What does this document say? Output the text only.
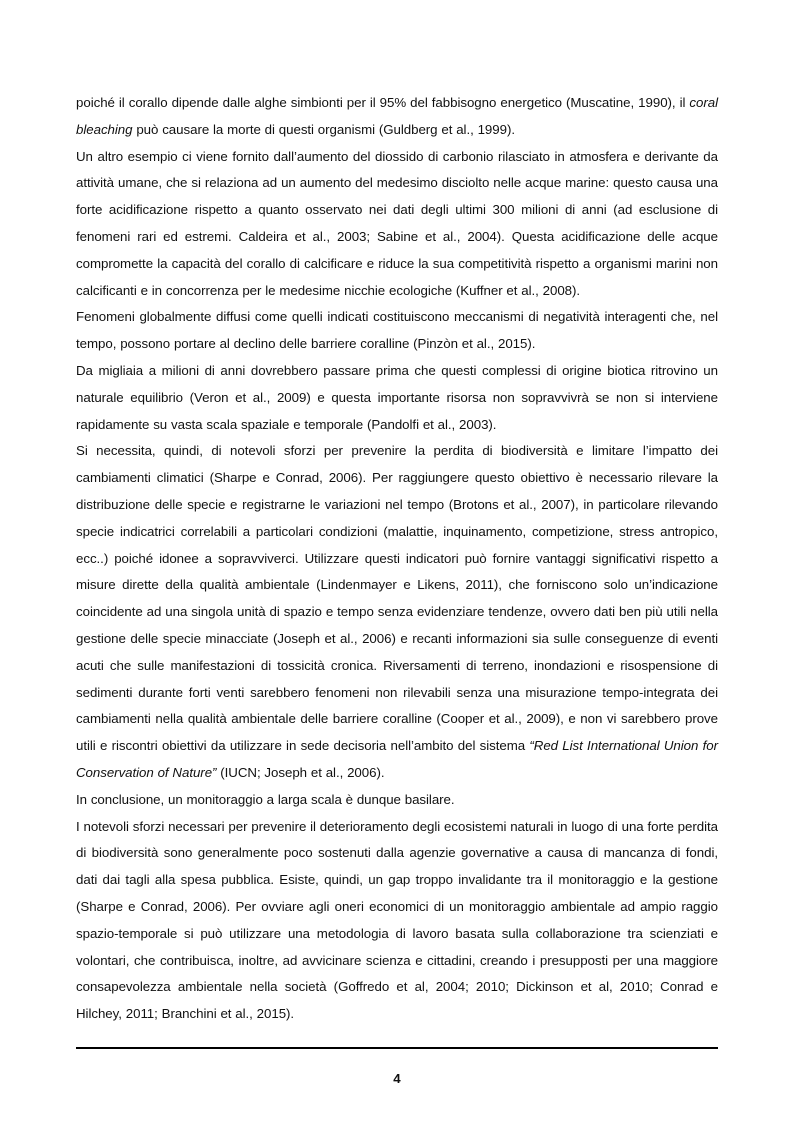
poiché il corallo dipende dalle alghe simbionti per il 95% del fabbisogno energetico (Muscatine, 1990), il coral bleaching può causare la morte di questi organismi (Guldberg et al., 1999).

Un altro esempio ci viene fornito dall’aumento del diossido di carbonio rilasciato in atmosfera e derivante da attività umane, che si relaziona ad un aumento del medesimo disciolto nelle acque marine: questo causa una forte acidificazione rispetto a quanto osservato nei dati degli ultimi 300 milioni di anni (ad esclusione di fenomeni rari ed estremi. Caldeira et al., 2003; Sabine et al., 2004). Questa acidificazione delle acque compromette la capacità del corallo di calcificare e riduce la sua competitività rispetto a organismi marini non calcificanti e in concorrenza per le medesime nicchie ecologiche (Kuffner et al., 2008).

Fenomeni globalmente diffusi come quelli indicati costituiscono meccanismi di negatività interagenti che, nel tempo, possono portare al declino delle barriere coralline (Pinzòn et al., 2015).

Da migliaia a milioni di anni dovrebbero passare prima che questi complessi di origine biotica ritrovino un naturale equilibrio (Veron et al., 2009) e questa importante risorsa non sopravvivrà se non si interviene rapidamente su vasta scala spaziale e temporale (Pandolfi et al., 2003).

Si necessita, quindi, di notevoli sforzi per prevenire la perdita di biodiversità e limitare l’impatto dei cambiamenti climatici (Sharpe e Conrad, 2006). Per raggiungere questo obiettivo è necessario rilevare la distribuzione delle specie e registrarne le variazioni nel tempo (Brotons et al., 2007), in particolare rilevando specie indicatrici correlabili a particolari condizioni (malattie, inquinamento, competizione, stress antropico, ecc..) poiché idonee a sopravviverci. Utilizzare questi indicatori può fornire vantaggi significativi rispetto a misure dirette della qualità ambientale (Lindenmayer e Likens, 2011), che forniscono solo un’indicazione coincidente ad una singola unità di spazio e tempo senza evidenziare tendenze, ovvero dati ben più utili nella gestione delle specie minacciate (Joseph et al., 2006) e recanti informazioni sia sulle conseguenze di eventi acuti che sulle manifestazioni di tossicità cronica. Riversamenti di terreno, inondazioni e risospensione di sedimenti durante forti venti sarebbero fenomeni non rilevabili senza una misurazione tempo-integrata dei cambiamenti nella qualità ambientale delle barriere coralline (Cooper et al., 2009), e non vi sarebbero prove utili e riscontri obiettivi da utilizzare in sede decisoria nell’ambito del sistema “Red List International Union for Conservation of Nature” (IUCN; Joseph et al., 2006).

In conclusione, un monitoraggio a larga scala è dunque basilare.

I notevoli sforzi necessari per prevenire il deterioramento degli ecosistemi naturali in luogo di una forte perdita di biodiversità sono generalmente poco sostenuti dalla agenzie governative a causa di mancanza di fondi, dati dai tagli alla spesa pubblica. Esiste, quindi, un gap troppo invalidante tra il monitoraggio e la gestione (Sharpe e Conrad, 2006). Per ovviare agli oneri economici di un monitoraggio ambientale ad ampio raggio spazio-temporale si può utilizzare una metodologia di lavoro basata sulla collaborazione tra scienziati e volontari, che contribuisca, inoltre, ad avvicinare scienza e cittadini, creando i presupposti per una maggiore consapevolezza ambientale nella società (Goffredo et al, 2004; 2010; Dickinson et al, 2010; Conrad e Hilchey, 2011; Branchini et al., 2015).

4
